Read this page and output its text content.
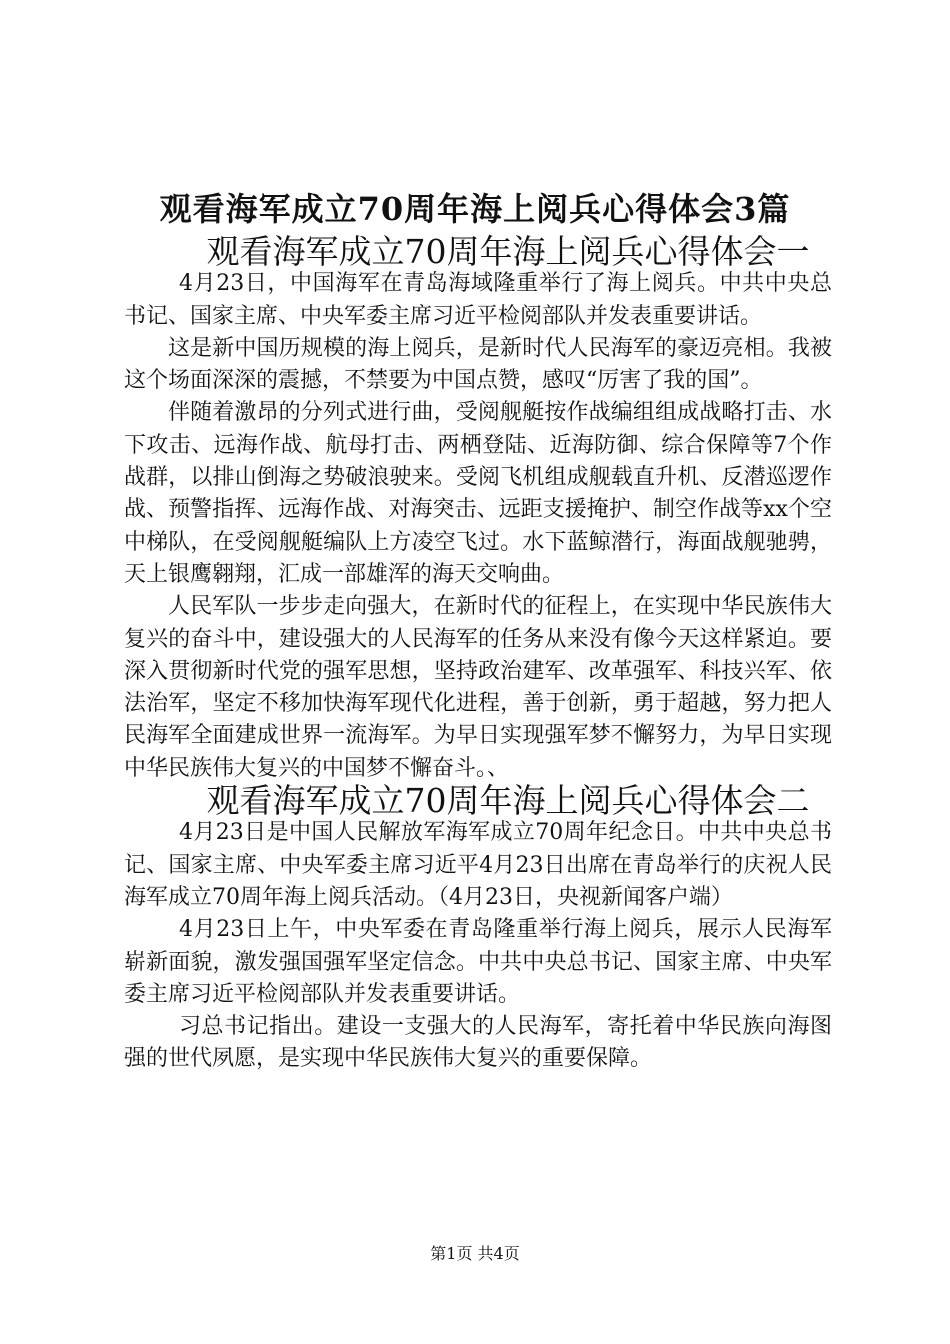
观看海军成立70周年海上阅兵心得体会3篇
观看海军成立70周年海上阅兵心得体会一

4月23日，中国海军在青岛海域隆重举行了海上阅兵。中共中央总书记、国家主席、中央军委主席习近平检阅部队并发表重要讲话。

这是新中国历规模的海上阅兵，是新时代人民海军的豪迈亮相。我被这个场面深深的震撼，不禁要为中国点赞，感叹“厉害了我的国”。

伴随着激昂的分列式进行曲，受阅舰艇按作战编组组成战略打击、水下攻击、远海作战、航母打击、两栖登陆、近海防御、综合保障等7个作战群，以排山倒海之势破浪驶来。受阅飞机组成舰载直升机、反潜巡逻作战、预警指挥、远海作战、对海突击、远距支援掩护、制空作战等xx个空中梯队，在受阅舰艇编队上方凌空飞过。水下蓝鲸潜行，海面战舰驰骋，天上银鹰翱翔，汇成一部雄浑的海天交响曲。

人民军队一步步走向强大，在新时代的征程上，在实现中华民族伟大复兴的奋斗中，建设强大的人民海军的任务从来没有像今天这样紧迫。要深入贯彻新时代党的强军思想，坚持政治建军、改革强军、科技兴军、依法治军，坚定不移加快海军现代化进程，善于创新，勇于超越，努力把人民海军全面建成世界一流海军。为早日实现强军梦不懈努力，为早日实现中华民族伟大复兴的中国梦不懈奋斗。、

观看海军成立70周年海上阅兵心得体会二

4月23日是中国人民解放军海军成立70周年纪念日。中共中央总书记、国家主席、中央军委主席习近平4月23日出席在青岛举行的庆祝人民海军成立70周年海上阅兵活动。（4月23日，央视新闻客户端）

4月23日上午，中央军委在青岛隆重举行海上阅兵，展示人民海军崭新面貌，激发强国强军坚定信念。中共中央总书记、国家主席、中央军委主席习近平检阅部队并发表重要讲话。

习总书记指出。建设一支强大的人民海军，寄托着中华民族向海图强的世代夙愿，是实现中华民族伟大复兴的重要保障。

第1页 共4页
